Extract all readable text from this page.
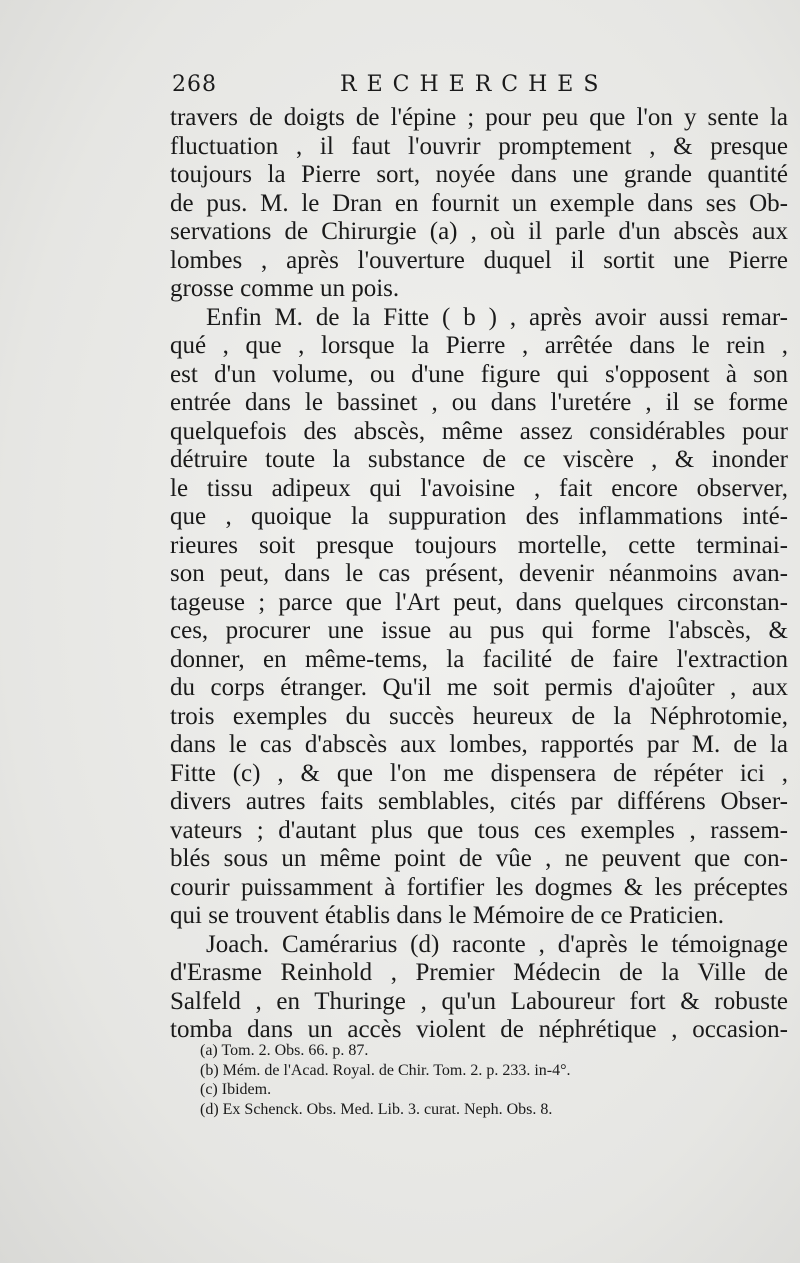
268	RECHERCHES
travers de doigts de l'épine ; pour peu que l'on y sente la
fluctuation , il faut l'ouvrir promptement , & presque
toujours la Pierre sort, noyée dans une grande quantité
de pus. M. le Dran en fournit un exemple dans ses Ob-
servations de Chirurgie (a) , où il parle d'un abscès aux
lombes , après l'ouverture duquel il sortit une Pierre
grosse comme un pois.
Enfin M. de la Fitte ( b ) , après avoir aussi remar-
qué , que , lorsque la Pierre , arrêtée dans le rein ,
est d'un volume, ou d'une figure qui s'opposent à son
entrée dans le bassinet , ou dans l'uretére , il se forme
quelquefois des abscès, même assez considérables pour
détruire toute la substance de ce viscère , & inonder
le tissu adipeux qui l'avoisine , fait encore observer,
que , quoique la suppuration des inflammations inté-
rieures soit presque toujours mortelle, cette terminai-
son peut, dans le cas présent, devenir néanmoins avan-
tageuse ; parce que l'Art peut, dans quelques circonstan-
ces, procurer une issue au pus qui forme l'abscès, &
donner, en même-tems, la facilité de faire l'extraction
du corps étranger. Qu'il me soit permis d'ajoûter , aux
trois exemples du succès heureux de la Néphrotomie,
dans le cas d'abscès aux lombes, rapportés par M. de la
Fitte (c) , & que l'on me dispensera de répéter ici ,
divers autres faits semblables, cités par différens Obser-
vateurs ; d'autant plus que tous ces exemples , rassem-
blés sous un même point de vûe , ne peuvent que con-
courir puissamment à fortifier les dogmes & les préceptes
qui se trouvent établis dans le Mémoire de ce Praticien.
Joach. Camérarius (d) raconte , d'après le témoignage
d'Erasme Reinhold , Premier Médecin de la Ville de
Salfeld , en Thuringe , qu'un Laboureur fort & robuste
tomba dans un accès violent de néphrétique , occasion-
(a) Tom. 2. Obs. 66. p. 87.
(b) Mém. de l'Acad. Royal. de Chir. Tom. 2. p. 233. in-4°.
(c) Ibidem.
(d) Ex Schenck. Obs. Med. Lib. 3. curat. Neph. Obs. 8.
